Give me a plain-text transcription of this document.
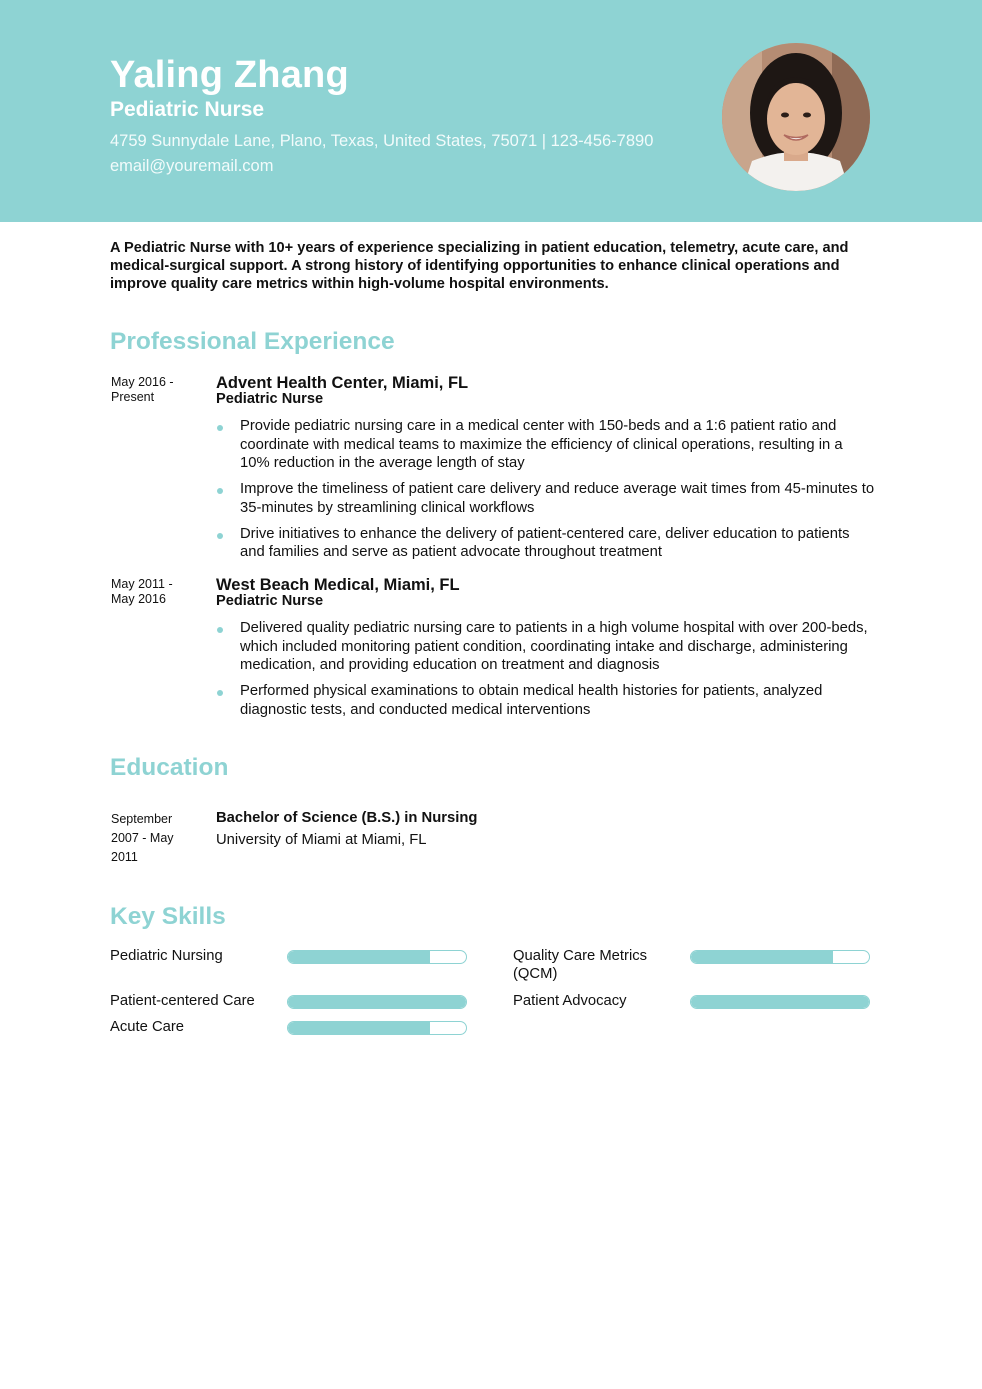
Yaling Zhang
Pediatric Nurse
4759 Sunnydale Lane, Plano, Texas, United States, 75071 | 123-456-7890
email@youremail.com
A Pediatric Nurse with 10+ years of experience specializing in patient education, telemetry, acute care, and medical-surgical support. A strong history of identifying opportunities to enhance clinical operations and improve quality care metrics within high-volume hospital environments.
Professional Experience
May 2016 -
Present
Advent Health Center, Miami, FL
Pediatric Nurse
Provide pediatric nursing care in a medical center with 150-beds and a 1:6 patient ratio and coordinate with medical teams to maximize the efficiency of clinical operations, resulting in a 10% reduction in the average length of stay
Improve the timeliness of patient care delivery and reduce average wait times from 45-minutes to 35-minutes by streamlining clinical workflows
Drive initiatives to enhance the delivery of patient-centered care, deliver education to patients and families and serve as patient advocate throughout treatment
May 2011 -
May 2016
West Beach Medical, Miami, FL
Pediatric Nurse
Delivered quality pediatric nursing care to patients in a high volume hospital with over 200-beds, which included monitoring patient condition, coordinating intake and discharge, administering medication, and providing education on treatment and diagnosis
Performed physical examinations to obtain medical health histories for patients, analyzed diagnostic tests, and conducted medical interventions
Education
September
2007 - May
2011
Bachelor of Science (B.S.) in Nursing
University of Miami at Miami, FL
Key Skills
Pediatric Nursing
Patient-centered Care
Acute Care
Quality Care Metrics (QCM)
Patient Advocacy
